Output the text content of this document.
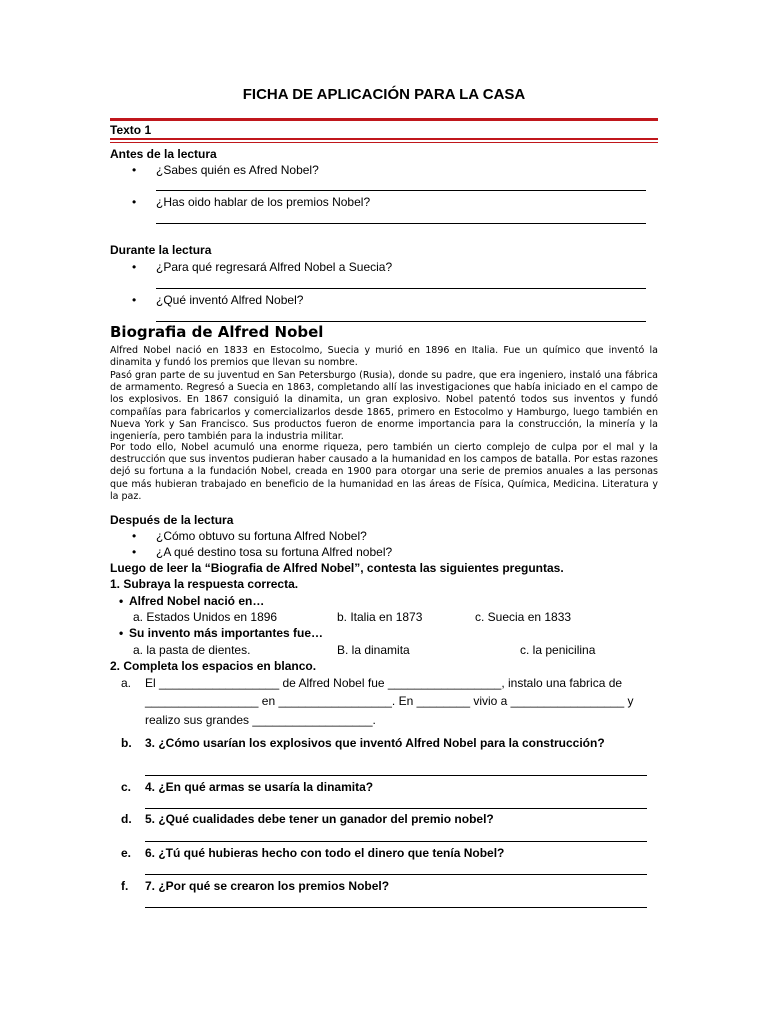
FICHA DE APLICACIÓN PARA LA CASA
Texto 1
Antes de la lectura
• ¿Sabes quién es Afred Nobel?
• ¿Has oido hablar de los premios Nobel?
Durante la lectura
• ¿Para qué regresará Alfred Nobel a Suecia?
• ¿Qué inventó Alfred Nobel?
Biografia de Alfred Nobel
Alfred Nobel nació en 1833 en Estocolmo, Suecia y murió en 1896 en Italia. Fue un químico que inventó la dinamita y fundó los premios que llevan su nombre.
Pasó gran parte de su juventud en San Petersburgo (Rusia), donde su padre, que era ingeniero, instaló una fábrica de armamento. Regresó a Suecia en 1863, completando allí las investigaciones que había iniciado en el campo de los explosivos. En 1867 consiguió la dinamita, un gran explosivo. Nobel patentó todos sus inventos y fundó compañías para fabricarlos y comercializarlos desde 1865, primero en Estocolmo y Hamburgo, luego también en Nueva York y San Francisco. Sus productos fueron de enorme importancia para la construcción, la minería y la ingeniería, pero también para la industria militar.
Por todo ello, Nobel acumuló una enorme riqueza, pero también un cierto complejo de culpa por el mal y la destrucción que sus inventos pudieran haber causado a la humanidad en los campos de batalla. Por estas razones dejó su fortuna a la fundación Nobel, creada en 1900 para otorgar una serie de premios anuales a las personas que más hubieran trabajado en beneficio de la humanidad en las áreas de Física, Química, Medicina. Literatura y la paz.
Después de la lectura
• ¿Cómo obtuvo su fortuna Alfred Nobel?
• ¿A qué destino tosa su fortuna Alfred nobel?
Luego de leer la “Biografia de Alfred Nobel”, contesta las siguientes preguntas.
1. Subraya la respuesta correcta.
• Alfred Nobel nació en…
a. Estados Unidos en 1896	b. Italia en 1873	c. Suecia en 1833
• Su invento más importantes fue…
a. la pasta de dientes.	B. la dinamita	c. la penicilina
2. Completa los espacios en blanco.
a. El __________________ de Alfred Nobel fue _________________, instalo una fabrica de
_________________ en _________________. En ________ vivio a _________________ y
realizo sus grandes __________________.
b. 3. ¿Cómo usarían los explosivos que inventó Alfred Nobel para la construcción?
c. 4. ¿En qué armas se usaría la dinamita?
d. 5. ¿Qué cualidades debe tener un ganador del premio nobel?
e. 6. ¿Tú qué hubieras hecho con todo el dinero que tenía Nobel?
f. 7. ¿Por qué se crearon los premios Nobel?
